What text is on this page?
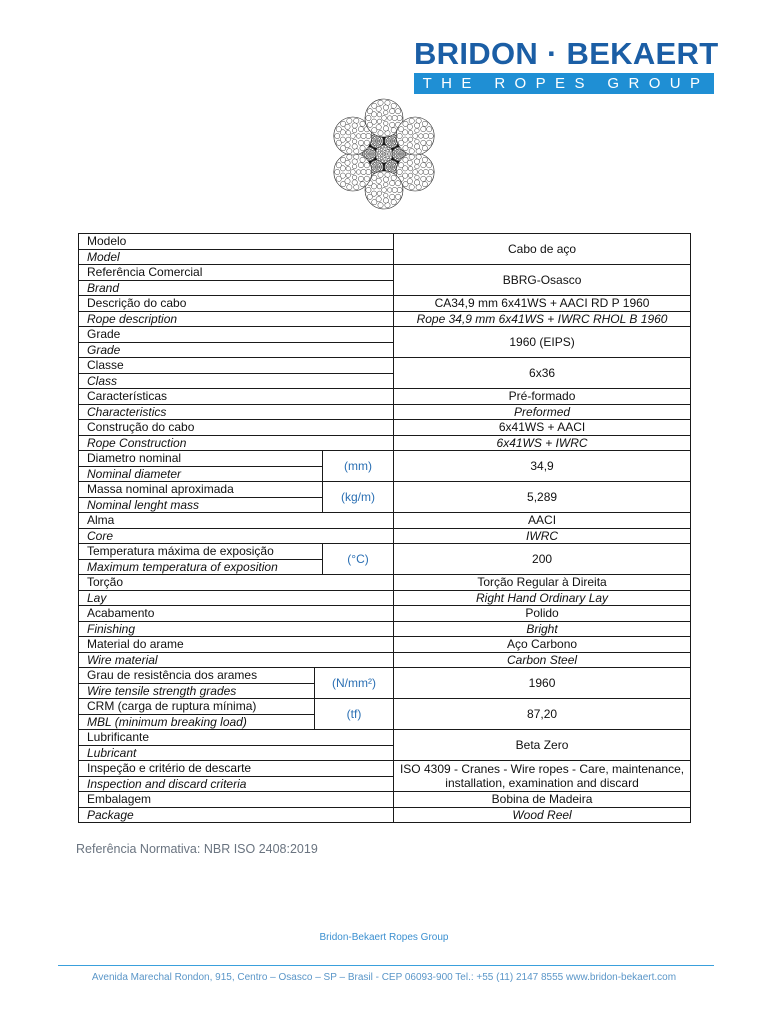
BRIDON · BEKAERT
THE ROPES GROUP
Modelo			Cabo de aço
Model			
Referência Comercial			BBRG-Osasco
Brand			
Descrição do cabo			CA34,9 mm 6x41WS + AACI RD P 1960
Rope description			Rope 34,9 mm 6x41WS + IWRC RHOL B 1960
Grade			1960 (EIPS)
Grade			
Classe			6x36
Class			
Características			Pré-formado
Characteristics			Preformed
Construção do cabo			6x41WS + AACI
Rope Construction			6x41WS + IWRC
Diametro nominal		(mm)	34,9
Nominal diameter			
Massa nominal aproximada		(kg/m)	5,289
Nominal lenght mass			
Alma			AACI
Core			IWRC
Temperatura máxima de exposição		(°C)	200
Maximum temperatura of exposition			
Torção			Torção Regular à Direita
Lay			Right Hand Ordinary Lay
Acabamento			Polido
Finishing			Bright
Material do arame			Aço Carbono
Wire material			Carbon Steel
Grau de resistência dos arames	(N/mm²)		1960
Wire tensile strength grades			
CRM (carga de ruptura mínima)	(tf)		87,20
MBL (minimum breaking load)			
Lubrificante			Beta Zero
Lubricant			
Inspeção e critério de descarte			ISO 4309 - Cranes - Wire ropes - Care, maintenance, installation, examination and discard
Inspection and discard criteria			
Embalagem			Bobina de Madeira
Package			Wood Reel
Referência Normativa: NBR ISO 2408:2019
Bridon-Bekaert Ropes Group
Avenida Marechal Rondon, 915, Centro – Osasco – SP – Brasil - CEP 06093-900 Tel.: +55 (11) 2147 8555 www.bridon-bekaert.com
